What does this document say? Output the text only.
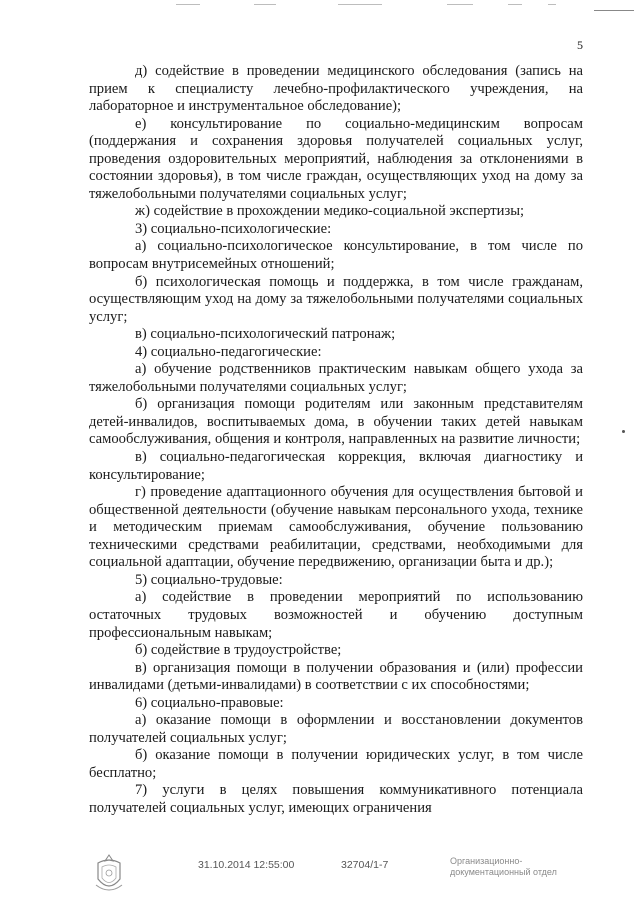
5

д) содействие в проведении медицинского обследования (запись на прием к специалисту лечебно-профилактического учреждения, на лабораторное и инструментальное обследование);

е) консультирование по социально-медицинским вопросам (поддержания и сохранения здоровья получателей социальных услуг, проведения оздоровительных мероприятий, наблюдения за отклонениями в состоянии здоровья), в том числе граждан, осуществляющих уход на дому за тяжелобольными получателями социальных услуг;

ж) содействие в прохождении медико-социальной экспертизы;

3) социально-психологические:

а) социально-психологическое консультирование, в том числе по вопросам внутрисемейных отношений;

б) психологическая помощь и поддержка, в том числе гражданам, осуществляющим уход на дому за тяжелобольными получателями социальных услуг;

в) социально-психологический патронаж;

4) социально-педагогические:

а) обучение родственников практическим навыкам общего ухода за тяжелобольными получателями социальных услуг;

б) организация помощи родителям или законным представителям детей-инвалидов, воспитываемых дома, в обучении таких детей навыкам самообслуживания, общения и контроля, направленных на развитие личности;

в) социально-педагогическая коррекция, включая диагностику и консультирование;

г) проведение адаптационного обучения для осуществления бытовой и общественной деятельности (обучение навыкам персонального ухода, технике и методическим приемам самообслуживания, обучение пользованию техническими средствами реабилитации, средствами, необходимыми для социальной адаптации, обучение передвижению, организации быта и др.);

5) социально-трудовые:

а) содействие в проведении мероприятий по использованию остаточных трудовых возможностей и обучению доступным профессиональным навыкам;

б) содействие в трудоустройстве;

в) организация помощи в получении образования и (или) профессии инвалидами (детьми-инвалидами) в соответствии с их способностями;

6) социально-правовые:

а) оказание помощи в оформлении и восстановлении документов получателей социальных услуг;

б) оказание помощи в получении юридических услуг, в том числе бесплатно;

7) услуги в целях повышения коммуникативного потенциала получателей социальных услуг, имеющих ограничения

31.10.2014 12:55:00	32704/1-7	Организационно-
документационный отдел
